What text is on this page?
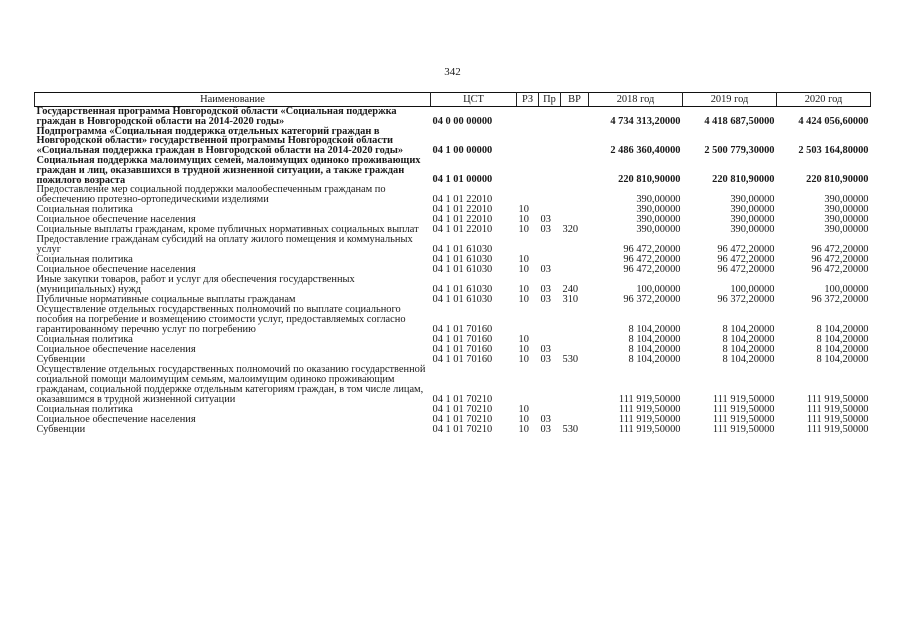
342
Наименование	ЦСТ	РЗ	Пр	ВР	2018 год	2019 год	2020 год
Государственная программа Новгородской области «Социальная поддержка граждан в Новгородской области на 2014-2020 годы»	04 0 00 00000				4 734 313,20000	4 418 687,50000	4 424 056,60000
Подпрограмма «Социальная поддержка отдельных категорий граждан в Новгородской области» государственной программы Новгородской области «Социальная поддержка граждан в Новгородской области на 2014-2020 годы»	04 1 00 00000				2 486 360,40000	2 500 779,30000	2 503 164,80000
Социальная поддержка малоимущих семей, малоимущих одиноко проживающих граждан и лиц, оказавшихся в трудной жизненной ситуации, а также граждан пожилого возраста	04 1 01 00000				220 810,90000	220 810,90000	220 810,90000
Предоставление мер социальной поддержки малообеспеченным гражданам по обеспечению протезно-ортопедическими изделиями	04 1 01 22010				390,00000	390,00000	390,00000
Социальная политика	04 1 01 22010	10			390,00000	390,00000	390,00000
Социальное обеспечение населения	04 1 01 22010	10	03		390,00000	390,00000	390,00000
Социальные выплаты гражданам, кроме публичных нормативных социальных выплат	04 1 01 22010	10	03	320	390,00000	390,00000	390,00000
Предоставление гражданам субсидий на оплату жилого помещения и коммунальных услуг	04 1 01 61030				96 472,20000	96 472,20000	96 472,20000
Социальная политика	04 1 01 61030	10			96 472,20000	96 472,20000	96 472,20000
Социальное обеспечение населения	04 1 01 61030	10	03		96 472,20000	96 472,20000	96 472,20000
Иные закупки товаров, работ и услуг для обеспечения государственных (муниципальных) нужд	04 1 01 61030	10	03	240	100,00000	100,00000	100,00000
Публичные нормативные социальные выплаты гражданам	04 1 01 61030	10	03	310	96 372,20000	96 372,20000	96 372,20000
Осуществление отдельных государственных полномочий по выплате социального пособия на погребение и возмещению стоимости услуг, предоставляемых согласно гарантированному перечню услуг по погребению	04 1 01 70160				8 104,20000	8 104,20000	8 104,20000
Социальная политика	04 1 01 70160	10			8 104,20000	8 104,20000	8 104,20000
Социальное обеспечение населения	04 1 01 70160	10	03		8 104,20000	8 104,20000	8 104,20000
Субвенции	04 1 01 70160	10	03	530	8 104,20000	8 104,20000	8 104,20000
Осуществление отдельных государственных полномочий по оказанию государственной социальной помощи малоимущим семьям, малоимущим одиноко проживающим гражданам, социальной поддержке отдельным категориям граждан, в том числе лицам, оказавшимся в трудной жизненной ситуации	04 1 01 70210				111 919,50000	111 919,50000	111 919,50000
Социальная политика	04 1 01 70210	10			111 919,50000	111 919,50000	111 919,50000
Социальное обеспечение населения	04 1 01 70210	10	03		111 919,50000	111 919,50000	111 919,50000
Субвенции	04 1 01 70210	10	03	530	111 919,50000	111 919,50000	111 919,50000
